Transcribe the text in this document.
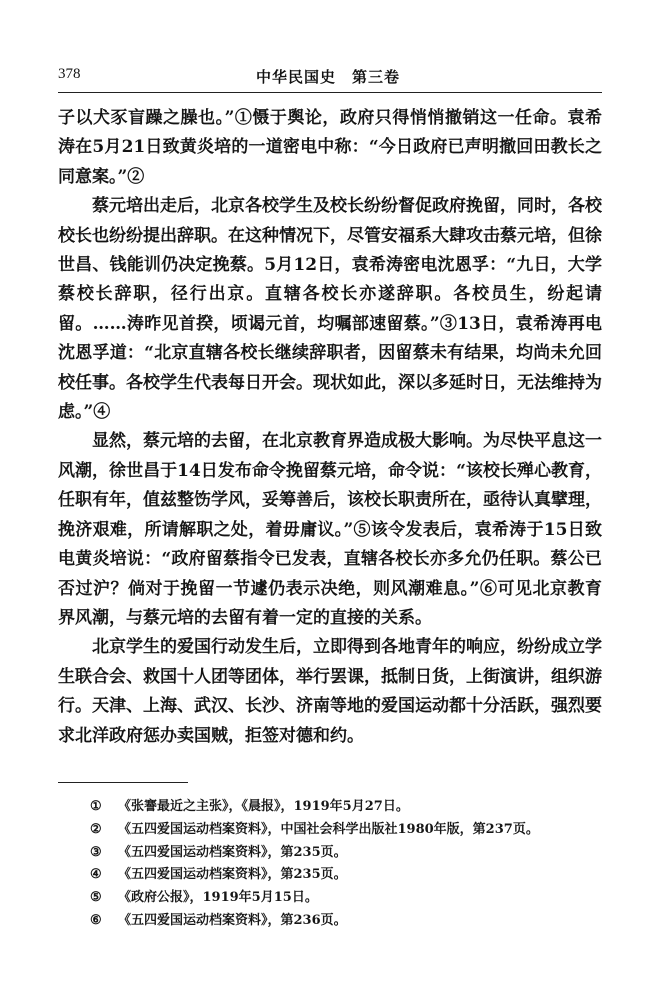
378	中华民国史　第三卷

子以犬豕盲躁之臊也。”①慑于舆论，政府只得悄悄撤销这一任命。袁希涛在5月21日致黄炎培的一道密电中称：“今日政府已声明撤回田教长之同意案。”②

蔡元培出走后，北京各校学生及校长纷纷督促政府挽留，同时，各校校长也纷纷提出辞职。在这种情况下，尽管安福系大肆攻击蔡元培，但徐世昌、钱能训仍决定挽蔡。5月12日，袁希涛密电沈恩孚：“九日，大学蔡校长辞职，径行出京。直辖各校长亦遂辞职。各校员生，纷起请留。……涛昨见首揆，顷谒元首，均嘱部速留蔡。”③13日，袁希涛再电沈恩孚道：“北京直辖各校长继续辞职者，因留蔡未有结果，均尚未允回校任事。各校学生代表每日开会。现状如此，深以多延时日，无法维持为虑。”④

显然，蔡元培的去留，在北京教育界造成极大影响。为尽快平息这一风潮，徐世昌于14日发布命令挽留蔡元培，命令说：“该校长殚心教育，任职有年，值兹整饬学风，妥筹善后，该校长职责所在，亟待认真擘理，挽济艰难，所请解职之处，着毋庸议。”⑤该令发表后，袁希涛于15日致电黄炎培说：“政府留蔡指令已发表，直辖各校长亦多允仍任职。蔡公已否过沪？倘对于挽留一节遽仍表示决绝，则风潮难息。”⑥可见北京教育界风潮，与蔡元培的去留有着一定的直接的关系。

北京学生的爱国行动发生后，立即得到各地青年的响应，纷纷成立学生联合会、救国十人团等团体，举行罢课，抵制日货，上街演讲，组织游行。天津、上海、武汉、长沙、济南等地的爱国运动都十分活跃，强烈要求北洋政府惩办卖国贼，拒签对德和约。

①	《张謇最近之主张》，《晨报》，1919年5月27日。
②	《五四爱国运动档案资料》，中国社会科学出版社1980年版，第237页。
③	《五四爱国运动档案资料》，第235页。
④	《五四爱国运动档案资料》，第235页。
⑤	《政府公报》，1919年5月15日。
⑥	《五四爱国运动档案资料》，第236页。
